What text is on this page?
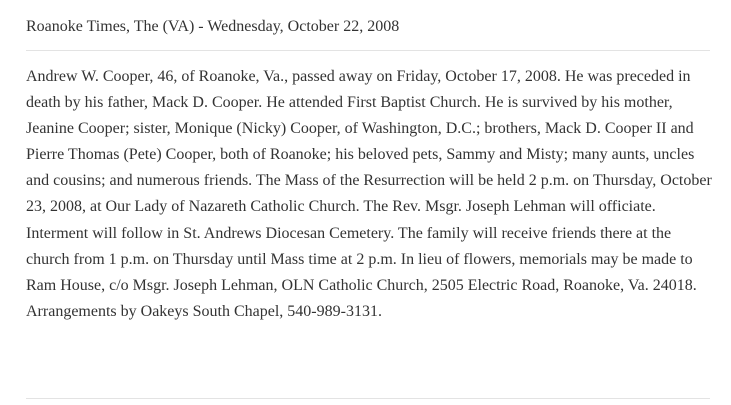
Roanoke Times, The (VA) - Wednesday, October 22, 2008

Andrew W. Cooper, 46, of Roanoke, Va., passed away on Friday, October 17, 2008. He was preceded in death by his father, Mack D. Cooper. He attended First Baptist Church. He is survived by his mother, Jeanine Cooper; sister, Monique (Nicky) Cooper, of Washington, D.C.; brothers, Mack D. Cooper II and Pierre Thomas (Pete) Cooper, both of Roanoke; his beloved pets, Sammy and Misty; many aunts, uncles and cousins; and numerous friends. The Mass of the Resurrection will be held 2 p.m. on Thursday, October 23, 2008, at Our Lady of Nazareth Catholic Church. The Rev. Msgr. Joseph Lehman will officiate. Interment will follow in St. Andrews Diocesan Cemetery. The family will receive friends there at the church from 1 p.m. on Thursday until Mass time at 2 p.m. In lieu of flowers, memorials may be made to Ram House, c/o Msgr. Joseph Lehman, OLN Catholic Church, 2505 Electric Road, Roanoke, Va. 24018. Arrangements by Oakeys South Chapel, 540-989-3131.
